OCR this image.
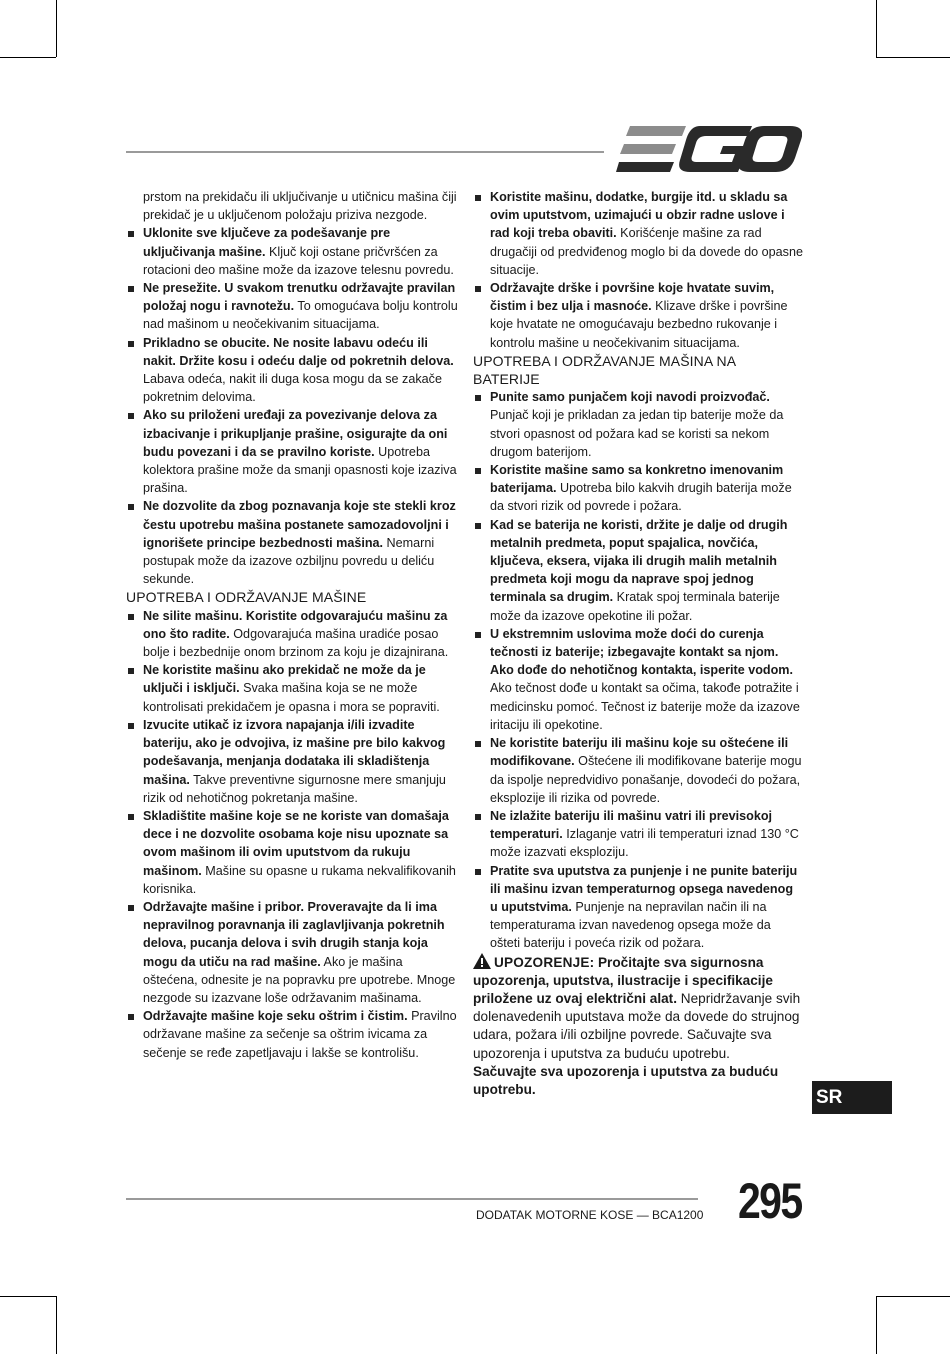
prstom na prekidaču ili uključivanje u utičnicu mašina čiji prekidač je u uključenom položaju priziva nezgode.

Uklonite sve ključeve za podešavanje pre uključivanja mašine. Ključ koji ostane pričvršćen za rotacioni deo mašine može da izazove telesnu povredu.

Ne presežite. U svakom trenutku održavajte pravilan položaj nogu i ravnotežu. To omogućava bolju kontrolu nad mašinom u neočekivanim situacijama.

Prikladno se obucite. Ne nosite labavu odeću ili nakit. Držite kosu i odeću dalje od pokretnih delova. Labava odeća, nakit ili duga kosa mogu da se zakače pokretnim delovima.

Ako su priloženi uređaji za povezivanje delova za izbacivanje i prikupljanje prašine, osigurajte da oni budu povezani i da se pravilno koriste. Upotreba kolektora prašine može da smanji opasnosti koje izaziva prašina.

Ne dozvolite da zbog poznavanja koje ste stekli kroz čestu upotrebu mašina postanete samozadovoljni i ignorišete principe bezbednosti mašina. Nemarni postupak može da izazove ozbiljnu povredu u deliću sekunde.

UPOTREBA I ODRŽAVANJE MAŠINE

Ne silite mašinu. Koristite odgovarajuću mašinu za ono što radite. Odgovarajuća mašina uradiće posao bolje i bezbednije onom brzinom za koju je dizajnirana.

Ne koristite mašinu ako prekidač ne može da je uključi i isključi. Svaka mašina koja se ne može kontrolisati prekidačem je opasna i mora se popraviti.

Izvucite utikač iz izvora napajanja i/ili izvadite bateriju, ako je odvojiva, iz mašine pre bilo kakvog podešavanja, menjanja dodataka ili skladištenja mašina. Takve preventivne sigurnosne mere smanjuju rizik od nehotičnog pokretanja mašine.

Skladištite mašine koje se ne koriste van domašaja dece i ne dozvolite osobama koje nisu upoznate sa ovom mašinom ili ovim uputstvom da rukuju mašinom. Mašine su opasne u rukama nekvalifikovanih korisnika.

Održavajte mašine i pribor. Proveravajte da li ima nepravilnog poravnanja ili zaglavljivanja pokretnih delova, pucanja delova i svih drugih stanja koja mogu da utiču na rad mašine. Ako je mašina oštećena, odnesite je na popravku pre upotrebe. Mnoge nezgode su izazvane loše održavanim mašinama.

Održavajte mašine koje seku oštrim i čistim. Pravilno održavane mašine za sečenje sa oštrim ivicama za sečenje se ređe zapetljavaju i lakše se kontrolišu.

Koristite mašinu, dodatke, burgije itd. u skladu sa ovim uputstvom, uzimajući u obzir radne uslove i rad koji treba obaviti. Korišćenje mašine za rad drugačiji od predviđenog moglo bi da dovede do opasne situacije.

Održavajte drške i površine koje hvatate suvim, čistim i bez ulja i masnoće. Klizave drške i površine koje hvatate ne omogućavaju bezbedno rukovanje i kontrolu mašine u neočekivanim situacijama.

UPOTREBA I ODRŽAVANJE MAŠINA NA BATERIJE

Punite samo punjačem koji navodi proizvođač. Punjač koji je prikladan za jedan tip baterije može da stvori opasnost od požara kad se koristi sa nekom drugom baterijom.

Koristite mašine samo sa konkretno imenovanim baterijama. Upotreba bilo kakvih drugih baterija može da stvori rizik od povrede i požara.

Kad se baterija ne koristi, držite je dalje od drugih metalnih predmeta, poput spajalica, novčića, ključeva, eksera, vijaka ili drugih malih metalnih predmeta koji mogu da naprave spoj jednog terminala sa drugim. Kratak spoj terminala baterije može da izazove opekotine ili požar.

U ekstremnim uslovima može doći do curenja tečnosti iz baterije; izbegavajte kontakt sa njom. Ako dođe do nehotičnog kontakta, isperite vodom. Ako tečnost dođe u kontakt sa očima, takođe potražite i medicinsku pomoć. Tečnost iz baterije može da izazove iritaciju ili opekotine.

Ne koristite bateriju ili mašinu koje su oštećene ili modifikovane. Oštećene ili modifikovane baterije mogu da ispolje nepredvidivo ponašanje, dovodeći do požara, eksplozije ili rizika od povrede.

Ne izlažite bateriju ili mašinu vatri ili previsokoj temperaturi. Izlaganje vatri ili temperaturi iznad 130 °C može izazvati eksploziju.

Pratite sva uputstva za punjenje i ne punite bateriju ili mašinu izvan temperaturnog opsega navedenog u uputstvima. Punjenje na nepravilan način ili na temperaturama izvan navedenog opsega može da ošteti bateriju i poveća rizik od požara.

UPOZORENJE: Pročitajte sva sigurnosna upozorenja, uputstva, ilustracije i specifikacije priložene uz ovaj električni alat. Nepridržavanje svih dolenavedenih uputstava može da dovede do strujnog udara, požara i/ili ozbiljne povrede. Sačuvajte sva upozorenja i uputstva za buduću upotrebu.
Sačuvajte sva upozorenja i uputstva za buduću upotrebu.	SR
DODATAK MOTORNE KOSE — BCA1200 295
